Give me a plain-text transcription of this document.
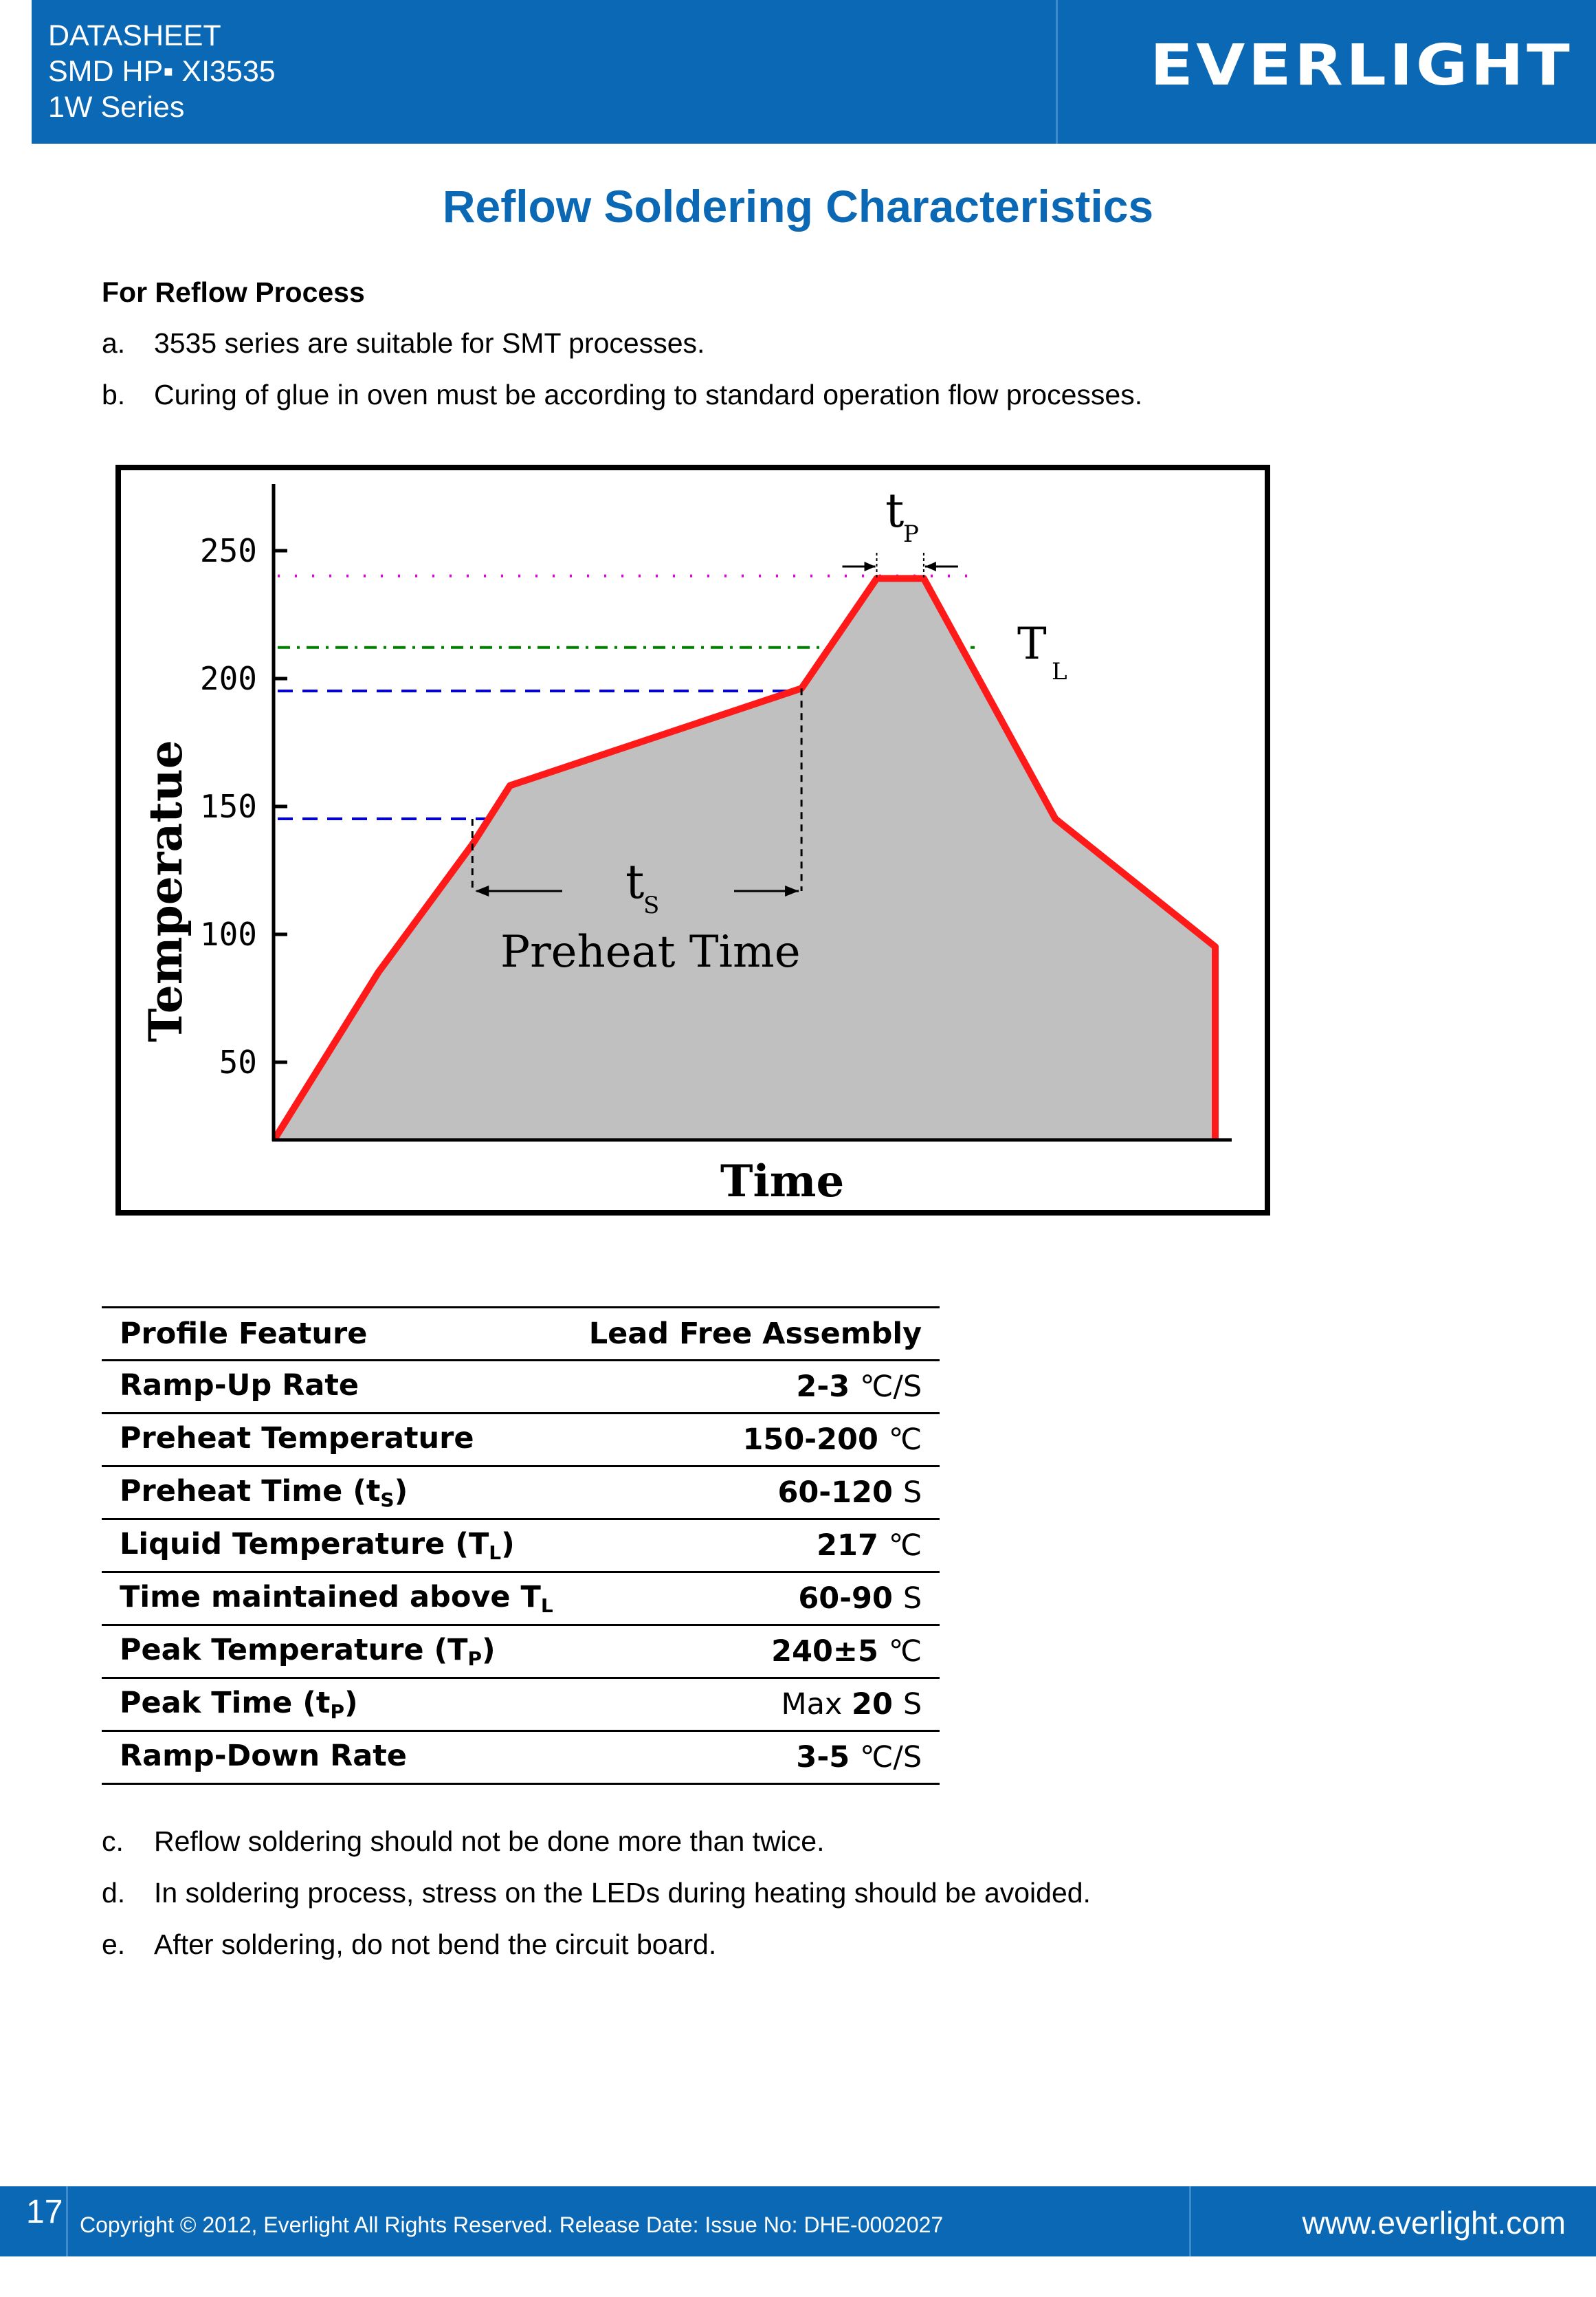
DATASHEET
SMD HP▪ XI3535
1W Series
EVERLIGHT
Reflow Soldering Characteristics
For Reflow Process
a. 3535 series are suitable for SMT processes.
b. Curing of glue in oven must be according to standard operation flow processes.
50
100
150
200
250
Temperatue
Time
t
P
T
L
t
S
Preheat Time
Profile Feature	Lead Free Assembly
Ramp-Up Rate	2-3 ℃/S
Preheat Temperature	150-200 ℃
Preheat Time (tS)	60-120 S
Liquid Temperature (TL)	217 ℃
Time maintained above TL	60-90 S
Peak Temperature (TP)	240±5 ℃
Peak Time (tP)	Max 20 S
Ramp-Down Rate	3-5 ℃/S
c. Reflow soldering should not be done more than twice.
d. In soldering process, stress on the LEDs during heating should be avoided.
e. After soldering, do not bend the circuit board.
17 Copyright © 2012, Everlight All Rights Reserved. Release Date: Issue No: DHE-0002027	www.everlight.com
